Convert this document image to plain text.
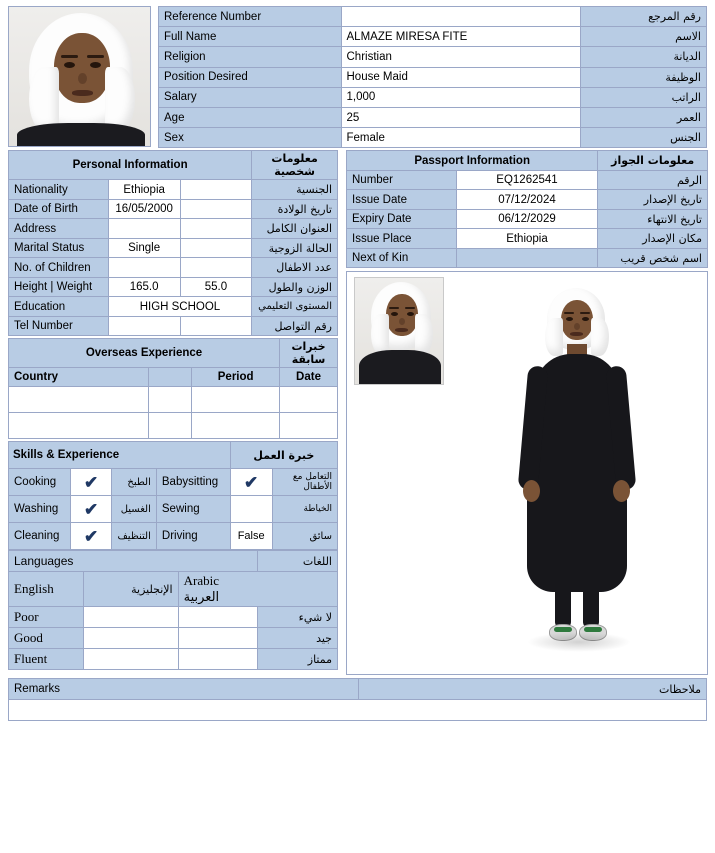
Reference Number		رقم المرجع
Full Name	ALMAZE MIRESA FITE	الاسم
Religion	Christian	الديانة
Position Desired	House Maid	الوظيفة
Salary	1,000	الراتب
Age	25	العمر
Sex	Female	الجنس
Personal Information			معلومات شخصية
Nationality	Ethiopia		الجنسية
Date of Birth	16/05/2000		تاريخ الولادة
Address			العنوان الكامل
Marital Status	Single		الحالة الزوجية
No. of Children			عدد الاطفال
Height | Weight	165.0	55.0	الوزن والطول
Education	HIGH SCHOOL		المستوى التعليمي
Tel Number			رقم التواصل
Overseas Experience			خبرات سابقة
Country		Period	Date

Skills & Experience				خبرة العمل	
Cooking	✔	الطبخ	Babysitting	✔	التعامل مع الأطفال
Washing	✔	الغسيل	Sewing		الخياطة
Cleaning	✔	التنظيف	Driving	False	سائق
Languages			اللغات
English	الإنجليزية	Arabic
العربية	
Poor			لا شيء
Good			جيد
Fluent			ممتاز
Passport Information		معلومات الجواز
Number	EQ1262541	الرقم
Issue Date	07/12/2024	تاريخ الإصدار
Expiry Date	06/12/2029	تاريخ الانتهاء
Issue Place	Ethiopia	مكان الإصدار
Next of Kin		اسم شخص قريب
Remarks	ملاحظات
